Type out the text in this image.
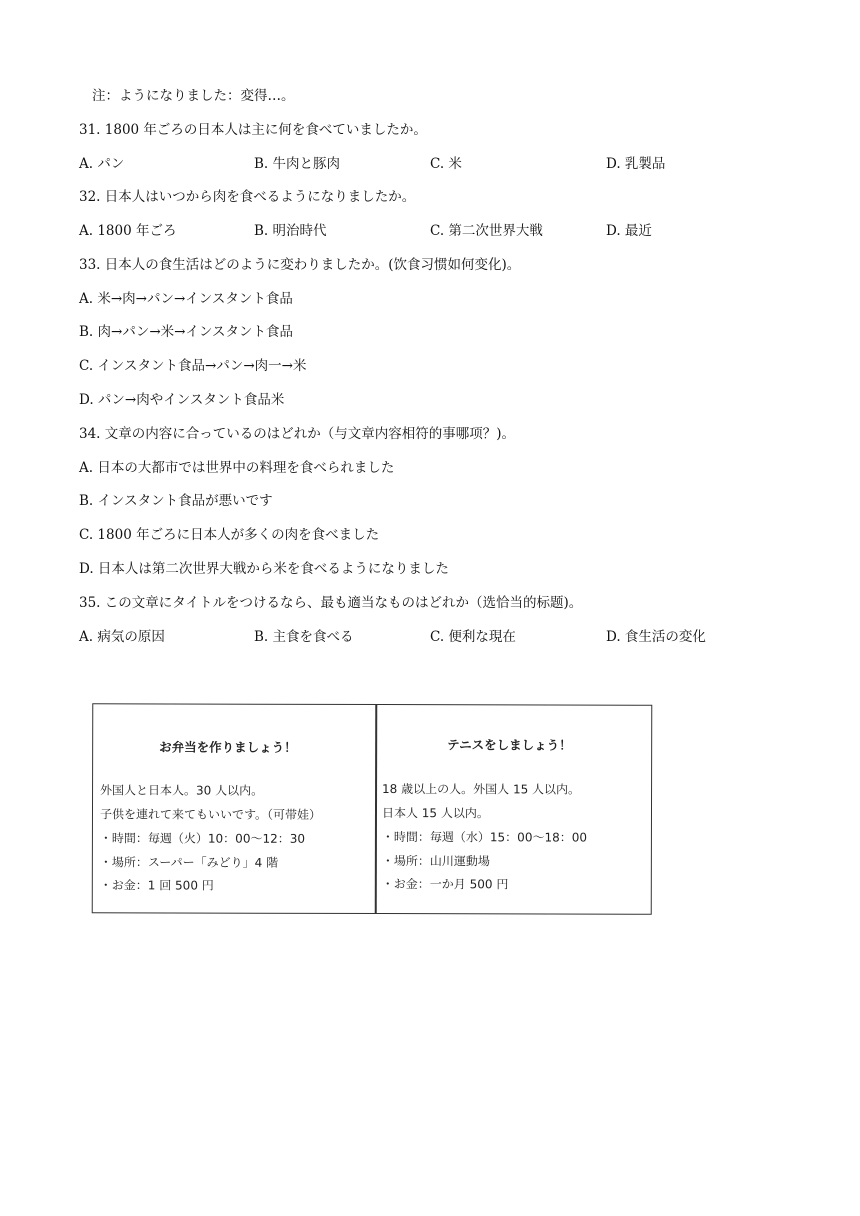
注：ようになりました：変得…。
31. 1800 年ごろの日本人は主に何を食べていましたか。
A. パン	B. 牛肉と豚肉	C. 米	D. 乳製品
32. 日本人はいつから肉を食べるようになりましたか。
A. 1800 年ごろ	B. 明治時代	C. 第二次世界大戦	D. 最近
33. 日本人の食生活はどのように変わりましたか。(饮食习惯如何变化)。
A. 米→肉→パン→インスタント食品
B. 肉→パン→米→インスタント食品
C. インスタント食品→パン→肉一→米
D. パン→肉やインスタント食品米
34. 文章の内容に合っているのはどれか（与文章内容相符的事哪项？)。
A. 日本の大都市では世界中の料理を食べられました
B. インスタント食品が悪いです
C. 1800 年ごろに日本人が多くの肉を食べました
D. 日本人は第二次世界大戦から米を食べるようになりました
35. この文章にタイトルをつけるなら、最も適当なものはどれか（选恰当的标题)。
A. 病気の原因	B. 主食を食べる	C. 便利な現在	D. 食生活の変化
お弁当を作りましょう！
外国人と日本人。30 人以内。
子供を連れて来てもいいです。（可带娃）
・時間：毎週（火）10：00〜12：30
・場所：スーパー「みどり」4 階
・お金：1 回 500 円
テニスをしましょう！
18 歳以上の人。外国人 15 人以内。
日本人 15 人以内。
・時間：毎週（水）15：00〜18：00
・場所：山川運動場
・お金：一か月 500 円
